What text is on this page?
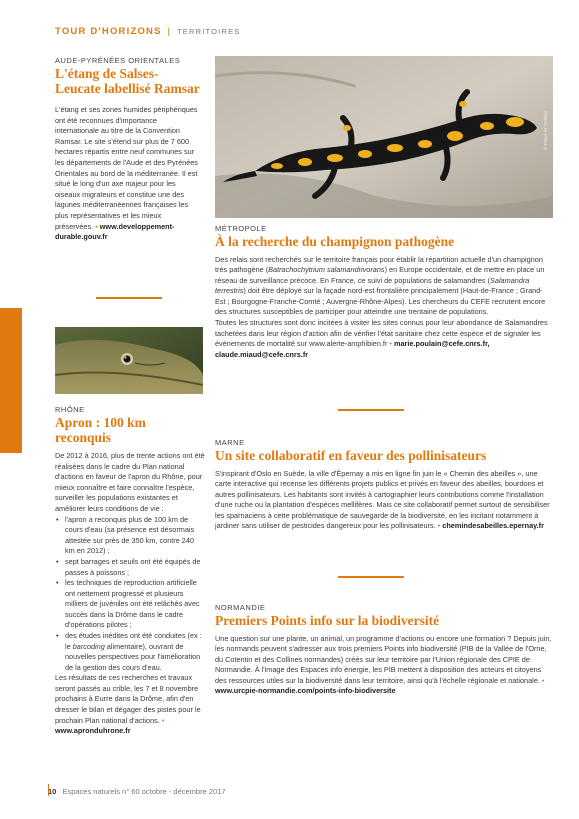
TOUR D'HORIZONS | TERRITOIRES
AUDE-PYRÉNÉES ORIENTALES
L'étang de Salses-Leucate labellisé Ramsar
L'étang et ses zones humides périphériques ont été reconnues d'importance internationale au titre de la Convention Ramsar. Le site s'étend sur plus de 7 600 hectares répartis entre neuf communes sur les départements de l'Aude et des Pyrénées Orientales au bord de la méditerranée. Il est situé le long d'un axe majeur pour les oiseaux migrateurs et constitue une des lagunes méditerranéennes françaises les plus représentatives et les mieux préservées. • www.developpement-durable.gouv.fr
RHÔNE
Apron : 100 km reconquis

De 2012 à 2016, plus de trente actions ont été réalisées dans le cadre du Plan national d'actions en faveur de l'apron du Rhône, pour mieux connaître et faire connaître l'espèce, surveiller les populations existantes et améliorer leurs conditions de vie :

• l'apron a reconquis plus de 100 km de cours d'eau (sa présence est désormais attestée sur près de 350 km, contre 240 km en 2012) ;
• sept barrages et seuils ont été équipés de passes à poissons ;
• les techniques de reproduction artificielle ont nettement progressé et plusieurs milliers de juvéniles ont été relâchés avec succès dans la Drôme dans le cadre d'opérations pilotes ;
• des études inédites ont été conduites (ex : le barcoding alimentaire), ouvrant de nouvelles perspectives pour l'amélioration de la gestion des cours d'eau.

Les résultats de ces recherches et travaux seront passés au crible, les 7 et 8 novembre prochains à Eurre dans la Drôme, afin d'en dresser le bilan et dégager des pistes pour le prochain Plan national d'actions. •

www.apronduhrone.fr
© Pierre W. Vollmer
MÉTROPOLE
À la recherche du champignon pathogène

Des relais sont recherchés sur le territoire français pour établir la répartition actuelle d'un champignon très pathogène (Batrachochytrium salamandrivorans) en Europe occidentale, et de mettre en place un réseau de surveillance précoce. En France, ce suivi de populations de salamandres (Salamandra terrestris) doit être déployé sur la façade nord-est frontalière principalement (Haut-de-France ; Grand-Est ; Bourgogne-Franche-Comté ; Auvergne-Rhône-Alpes). Les chercheurs du CEFE recrutent encore des structures susceptibles de participer pour atteindre une trentaine de populations.

Toutes les structures sont donc incitées à visiter les sites connus pour leur abondance de Salamandres tachetées dans leur région d'action afin de vérifier l'état sanitaire chez cette espèce et de signaler les événements de mortalité sur www.alerte-amphibien.fr • marie.poulain@cefe.cnrs.fr, claude.miaud@cefe.cnrs.fr

MARNE
Un site collaboratif en faveur des pollinisateurs
S'inspirant d'Oslo en Suède, la ville d'Épernay a mis en ligne fin juin le « Chemin des abeilles », une carte interactive qui recense les différents projets publics et privés en faveur des abeilles, bourdons et autres pollinisateurs. Les habitants sont invités à cartographier leurs contributions comme l'installation d'une ruche ou la plantation d'espèces mellifères. Mais ce site collaboratif permet surtout de sensibiliser les sparnaciens à cette problématique de sauvegarde de la biodiversité, en les incitant notamment à jardiner sans utiliser de pesticides dangereux pour les pollinisateurs. • chemindesabeilles.epernay.fr
NORMANDIE
Premiers Points info sur la biodiversité
Une question sur une plante, un animal, un programme d'actions ou encore une formation ? Depuis juin, les normands peuvent s'adresser aux trois premiers Points info biodiversité (PIB de la Vallée de l'Orne, du Cotentin et des Collines normandes) créés sur leur territoire par l'Union régionale des CPIE de Normandie. À l'image des Espaces info énergie, les PIB mettent à disposition des acteurs et citoyens des ressources utiles sur la biodiversité dans leur territoire, ainsi qu'à l'échelle régionale et nationale. •
www.urcpie-normandie.com/points-info-biodiversite
10 Espaces naturels n° 60 octobre - décembre 2017
